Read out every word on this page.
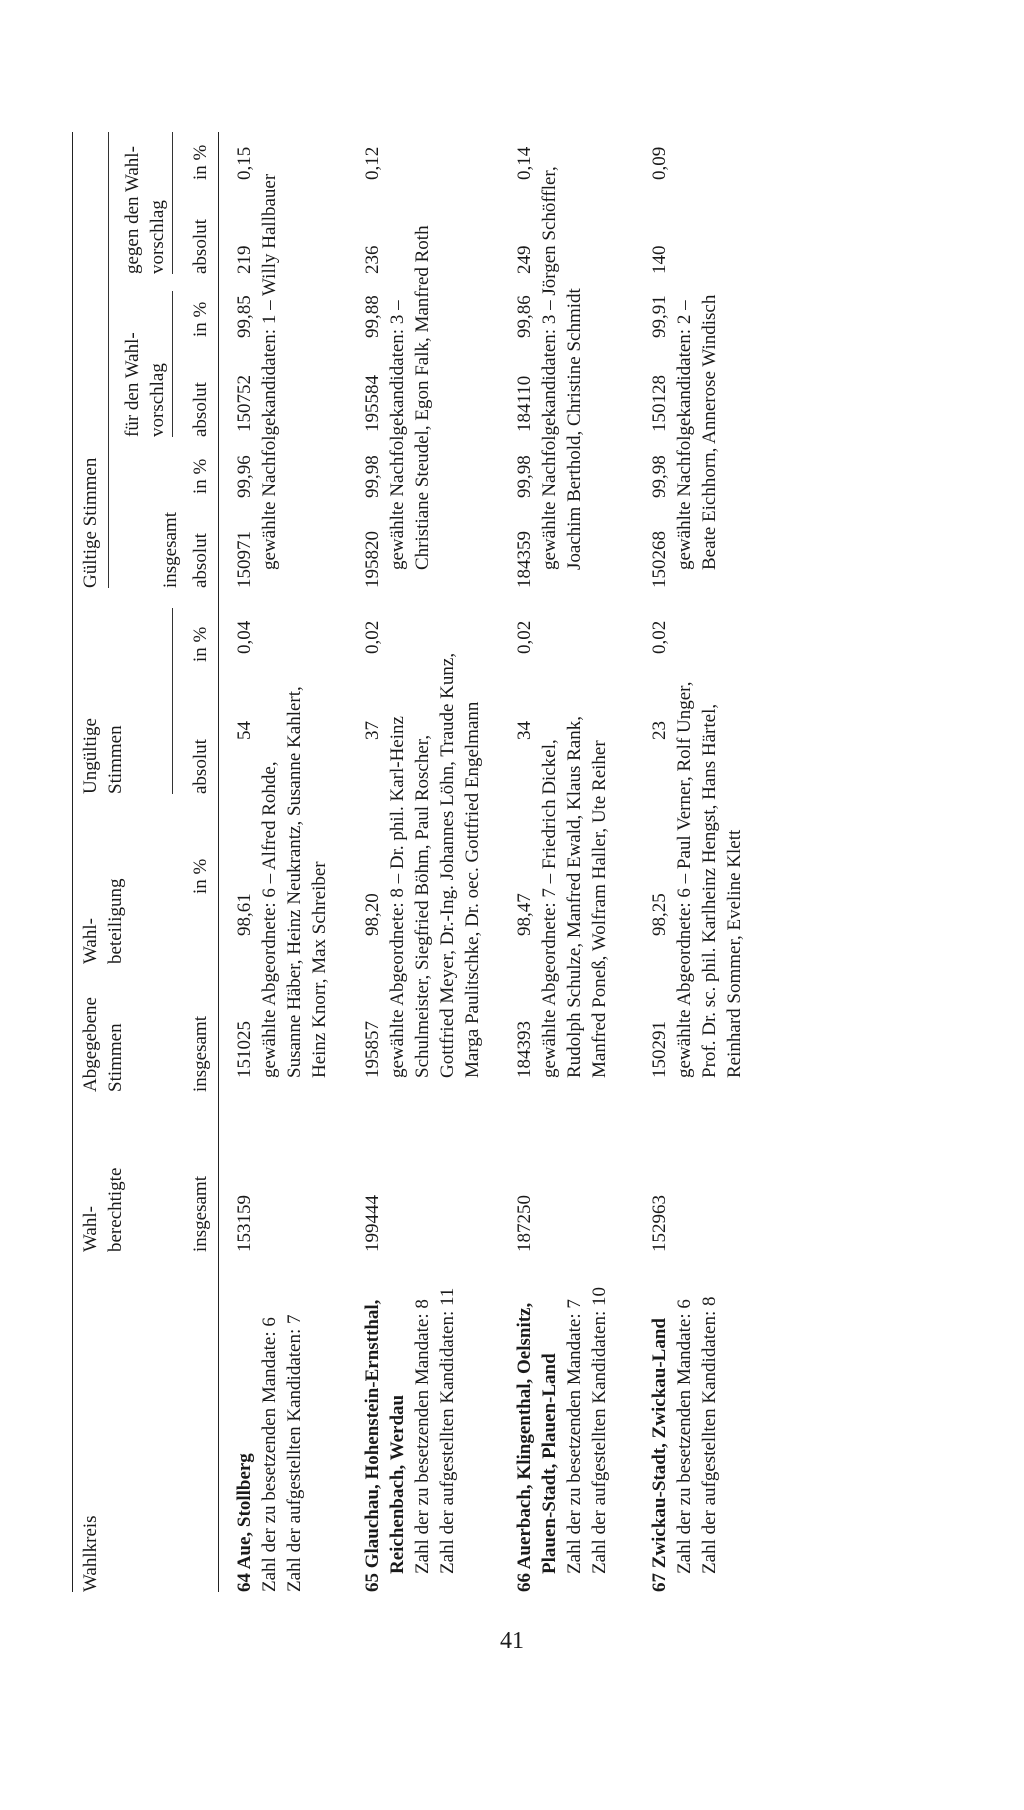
Wahlkreis
Wahl- berechtigte
Abgegebene Stimmen
Wahl- beteiligung
Ungültige Stimmen
Gültige Stimmen
für den Wahl- vorschlag
gegen den Wahl- vorschlag
insgesamt
insgesamt
insgesamt
in %
absolut
in %
absolut
in %
absolut
in %
absolut
in %
64 Aue, Stollberg Zahl der zu besetzenden Mandate: 6 Zahl der aufgestellten Kandidaten: 7
153159
151025
98,61
54
0,04
150971
99,96
150752
99,85
219
0,15
gewählte Abgeordnete: 6 – Alfred Rohde, Susanne Häber, Heinz Neukrantz, Susanne Kahlert, Heinz Knorr, Max Schreiber
gewählte Nachfolgekandidaten: 1 – Willy Hallbauer
65 Glauchau, Hohenstein-Ernstthal, Reichenbach, Werdau Zahl der zu besetzenden Mandate: 8 Zahl der aufgestellten Kandidaten: 11
199444
195857
98,20
37
0,02
195820
99,98
195584
99,88
236
0,12
gewählte Abgeordnete: 8 – Dr. phil. Karl-Heinz Schulmeister, Siegfried Böhm, Paul Roscher, Gottfried Meyer, Dr.-Ing. Johannes Löhn, Traude Kunz, Marga Paulitschke, Dr. oec. Gottfried Engelmann
gewählte Nachfolgekandidaten: 3 – Christiane Steudel, Egon Falk, Manfred Roth
66 Auerbach, Klingenthal, Oelsnitz, Plauen-Stadt, Plauen-Land Zahl der zu besetzenden Mandate: 7 Zahl der aufgestellten Kandidaten: 10
187250
184393
98,47
34
0,02
184359
99,98
184110
99,86
249
0,14
gewählte Abgeordnete: 7 – Friedrich Dickel, Rudolph Schulze, Manfred Ewald, Klaus Rank, Manfred Poneß, Wolfram Haller, Ute Reiher
gewählte Nachfolgekandidaten: 3 – Jörgen Schöffler, Joachim Berthold, Christine Schmidt
67 Zwickau-Stadt, Zwickau-Land Zahl der zu besetzenden Mandate: 6 Zahl der aufgestellten Kandidaten: 8
152963
150291
98,25
23
0,02
150268
99,98
150128
99,91
140
0,09
gewählte Abgeordnete: 6 – Paul Verner, Rolf Unger, Prof. Dr. sc. phil. Karlheinz Hengst, Hans Härtel, Reinhard Sommer, Eveline Klett
gewählte Nachfolgekandidaten: 2 – Beate Eichhorn, Annerose Windisch
41
